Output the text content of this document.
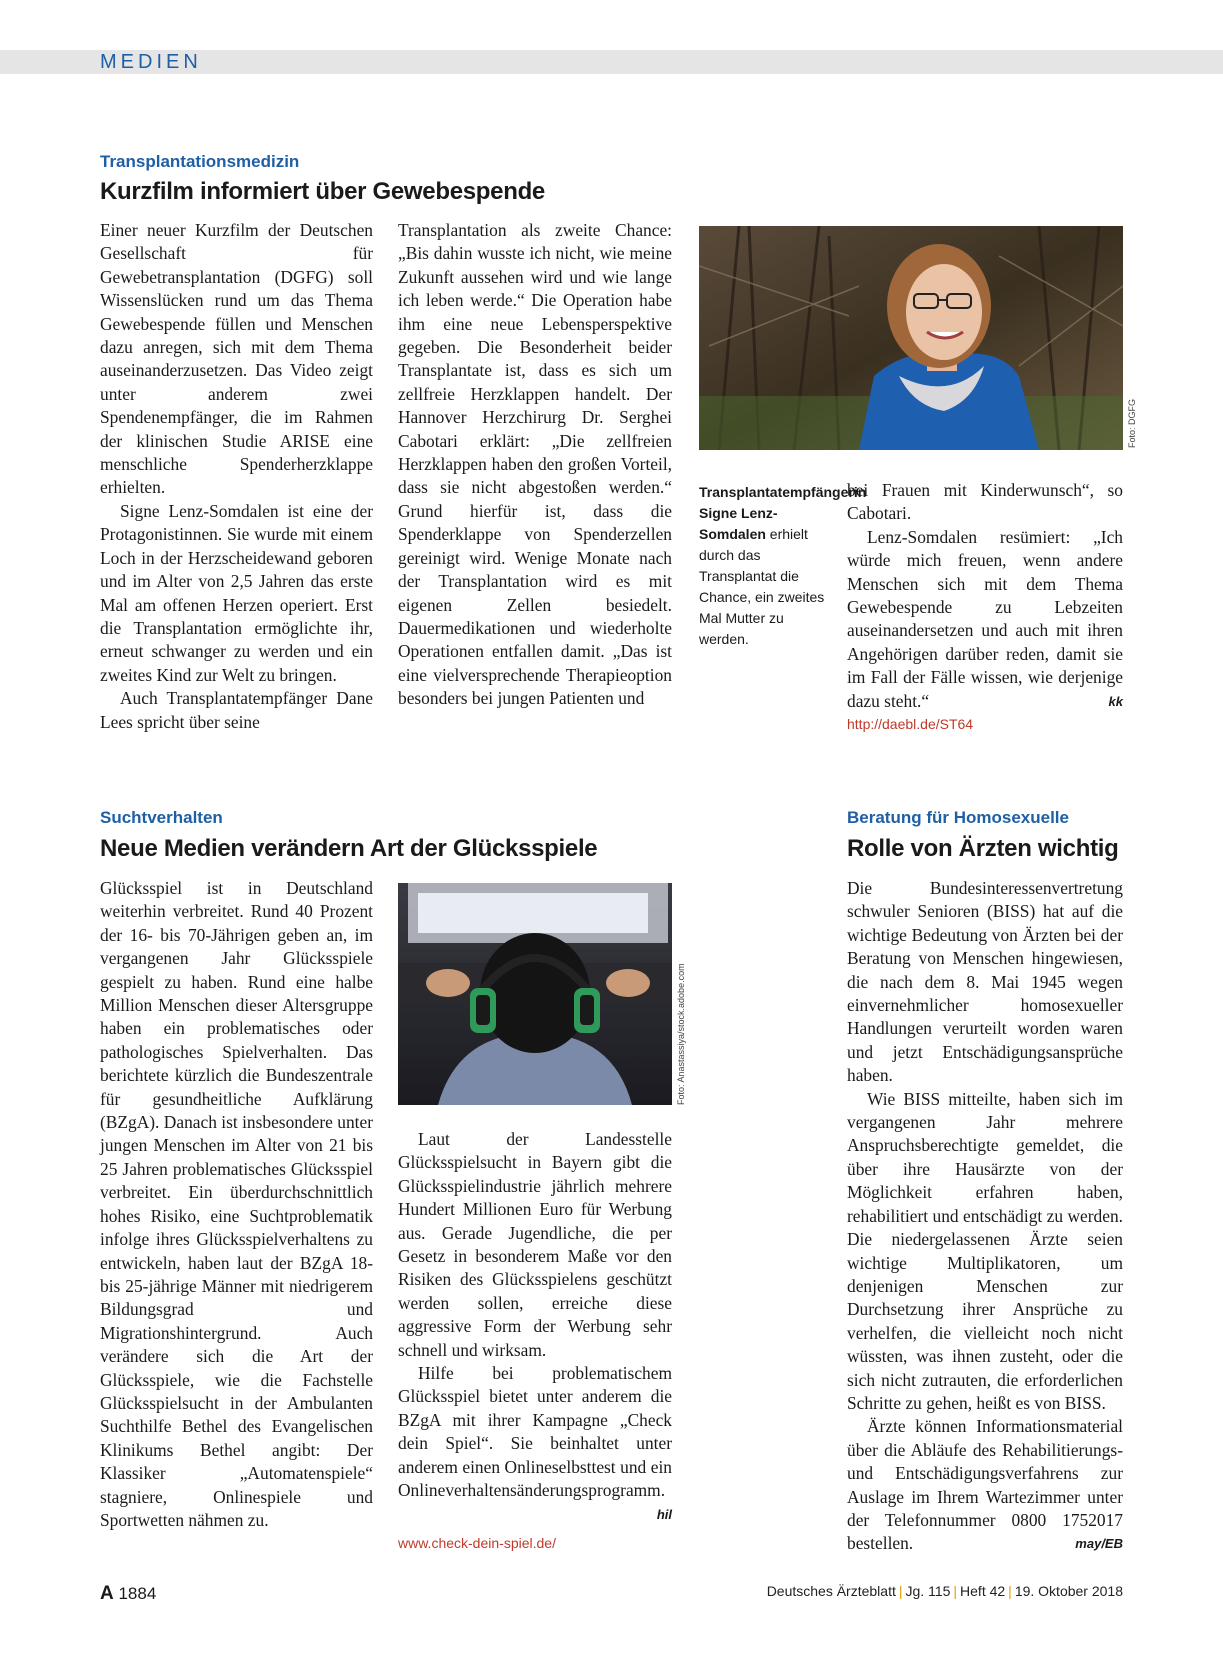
MEDIEN
Transplantationsmedizin
Kurzfilm informiert über Gewebespende

Einer neuer Kurzfilm der Deutschen Gesellschaft für Gewebetransplantation (DGFG) soll Wissenslücken rund um das Thema Gewebespende füllen und Menschen dazu anregen, sich mit dem Thema auseinanderzusetzen. Das Video zeigt unter anderem zwei Spendenempfänger, die im Rahmen der klinischen Studie ARISE eine menschliche Spenderherzklappe erhielten.

Signe Lenz-Somdalen ist eine der Protagonistinnen. Sie wurde mit einem Loch in der Herzscheidewand geboren und im Alter von 2,5 Jahren das erste Mal am offenen Herzen operiert. Erst die Transplantation ermöglichte ihr, erneut schwanger zu werden und ein zweites Kind zur Welt zu bringen.

Auch Transplantatempfänger Dane Lees spricht über seine

Transplantation als zweite Chance: „Bis dahin wusste ich nicht, wie meine Zukunft aussehen wird und wie lange ich leben werde.“ Die Operation habe ihm eine neue Lebensperspektive gegeben. Die Besonderheit beider Transplantate ist, dass es sich um zellfreie Herzklappen handelt. Der Hannover Herzchirurg Dr. Serghei Cabotari erklärt: „Die zellfreien Herzklappen haben den großen Vorteil, dass sie nicht abgestoßen werden.“ Grund hierfür ist, dass die Spenderklappe von Spenderzellen gereinigt wird. Wenige Monate nach der Transplantation wird es mit eigenen Zellen besiedelt. Dauermedikationen und wiederholte Operationen entfallen damit. „Das ist eine vielversprechende Therapieoption besonders bei jungen Patienten und

Foto: DGFG
Transplantatempfängerin Signe Lenz-Somdalen erhielt durch das Transplantat die Chance, ein zweites Mal Mutter zu werden.

bei Frauen mit Kinderwunsch“, so Cabotari.

Lenz-Somdalen resümiert: „Ich würde mich freuen, wenn andere Menschen sich mit dem Thema Gewebespende zu Lebzeiten auseinandersetzen und auch mit ihren Angehörigen darüber reden, damit sie im Fall der Fälle wissen, wie derjenige dazu steht.“	kk

http://daebl.de/ST64
Suchtverhalten
Neue Medien verändern Art der Glücksspiele

Glücksspiel ist in Deutschland weiterhin verbreitet. Rund 40 Prozent der 16- bis 70-Jährigen geben an, im vergangenen Jahr Glücksspiele gespielt zu haben. Rund eine halbe Million Menschen dieser Altersgruppe haben ein problematisches oder pathologisches Spielverhalten. Das berichtete kürzlich die Bundeszentrale für gesundheitliche Aufklärung (BZgA). Danach ist insbesondere unter jungen Menschen im Alter von 21 bis 25 Jahren problematisches Glücksspiel verbreitet. Ein überdurchschnittlich hohes Risiko, eine Suchtproblematik infolge ihres Glücksspielverhaltens zu entwickeln, haben laut der BZgA 18- bis 25-jährige Männer mit niedrigerem Bildungsgrad und Migrationshintergrund. Auch verändere sich die Art der Glücksspiele, wie die Fachstelle Glücksspielsucht in der Ambulanten Suchthilfe Bethel des Evangelischen Klinikums Bethel angibt: Der Klassiker „Automatenspiele“ stagniere, Onlinespiele und Sportwetten nähmen zu.

Foto: Anastassiya/stock.adobe.com

Laut der Landesstelle Glücksspielsucht in Bayern gibt die Glücksspielindustrie jährlich mehrere Hundert Millionen Euro für Werbung aus. Gerade Jugendliche, die per Gesetz in besonderem Maße vor den Risiken des Glücksspielens geschützt werden sollen, erreiche diese aggressive Form der Werbung sehr schnell und wirksam.

Hilfe bei problematischem Glücksspiel bietet unter anderem die BZgA mit ihrer Kampagne „Check dein Spiel“. Sie beinhaltet unter anderem einen Onlineselbsttest und ein Onlineverhaltensänderungsprogramm.
hil

www.check-dein-spiel.de/
Beratung für Homosexuelle
Rolle von Ärzten wichtig

Die Bundesinteressenvertretung schwuler Senioren (BISS) hat auf die wichtige Bedeutung von Ärzten bei der Beratung von Menschen hingewiesen, die nach dem 8. Mai 1945 wegen einvernehmlicher homosexueller Handlungen verurteilt worden waren und jetzt Entschädigungsansprüche haben.

Wie BISS mitteilte, haben sich im vergangenen Jahr mehrere Anspruchsberechtigte gemeldet, die über ihre Hausärzte von der Möglichkeit erfahren haben, rehabilitiert und entschädigt zu werden. Die niedergelassenen Ärzte seien wichtige Multiplikatoren, um denjenigen Menschen zur Durchsetzung ihrer Ansprüche zu verhelfen, die vielleicht noch nicht wüssten, was ihnen zusteht, oder die sich nicht zutrauten, die erforderlichen Schritte zu gehen, heißt es von BISS.

Ärzte können Informationsmaterial über die Abläufe des Rehabilitierungs- und Entschädigungsverfahrens zur Auslage im Ihrem Wartezimmer unter der Telefonnummer 0800 1752017 bestellen.	may/EB

A 1884	Deutsches Ärzteblatt | Jg. 115 | Heft 42 | 19. Oktober 2018
